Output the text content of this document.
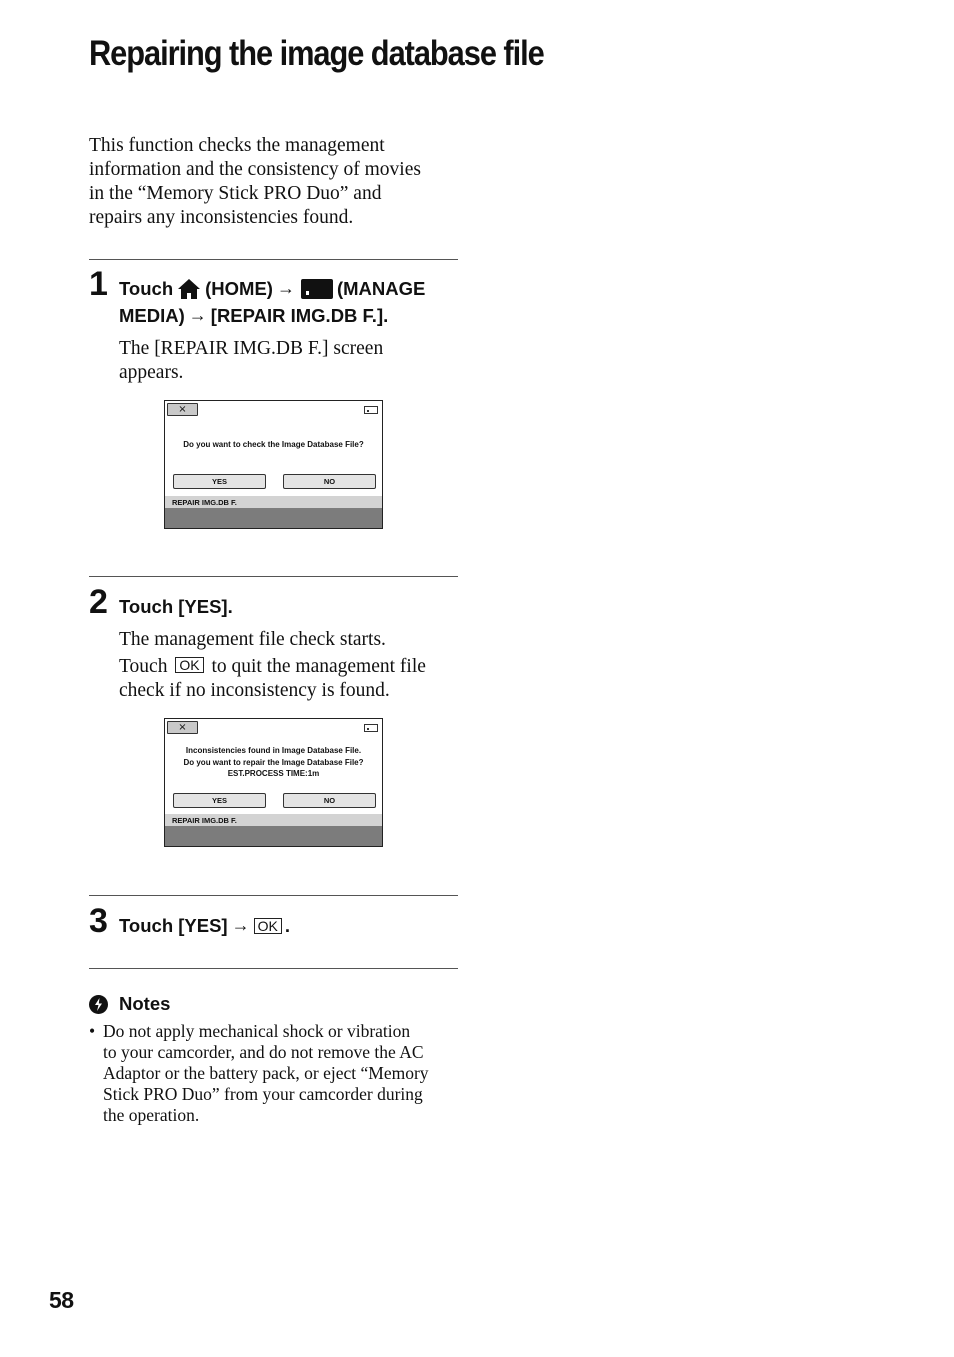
Repairing the image database file
This function checks the management
information and the consistency of movies
in the “Memory Stick PRO Duo” and
repairs any inconsistencies found.
1 Touch (HOME) → (MANAGE
MEDIA) → [REPAIR IMG.DB F.].
The [REPAIR IMG.DB F.] screen
appears.
×
Do you want to check the Image Database File?
YES	NO
REPAIR IMG.DB F.
2 Touch [YES].
The management file check starts.
Touch OK to quit the management file
check if no inconsistency is found.
×
Inconsistencies found in Image Database File.
Do you want to repair the Image Database File?
EST.PROCESS TIME:1m
YES	NO
REPAIR IMG.DB F.
3 Touch [YES] → OK .
Notes
• Do not apply mechanical shock or vibration
to your camcorder, and do not remove the AC
Adaptor or the battery pack, or eject “Memory
Stick PRO Duo” from your camcorder during
the operation.
58
